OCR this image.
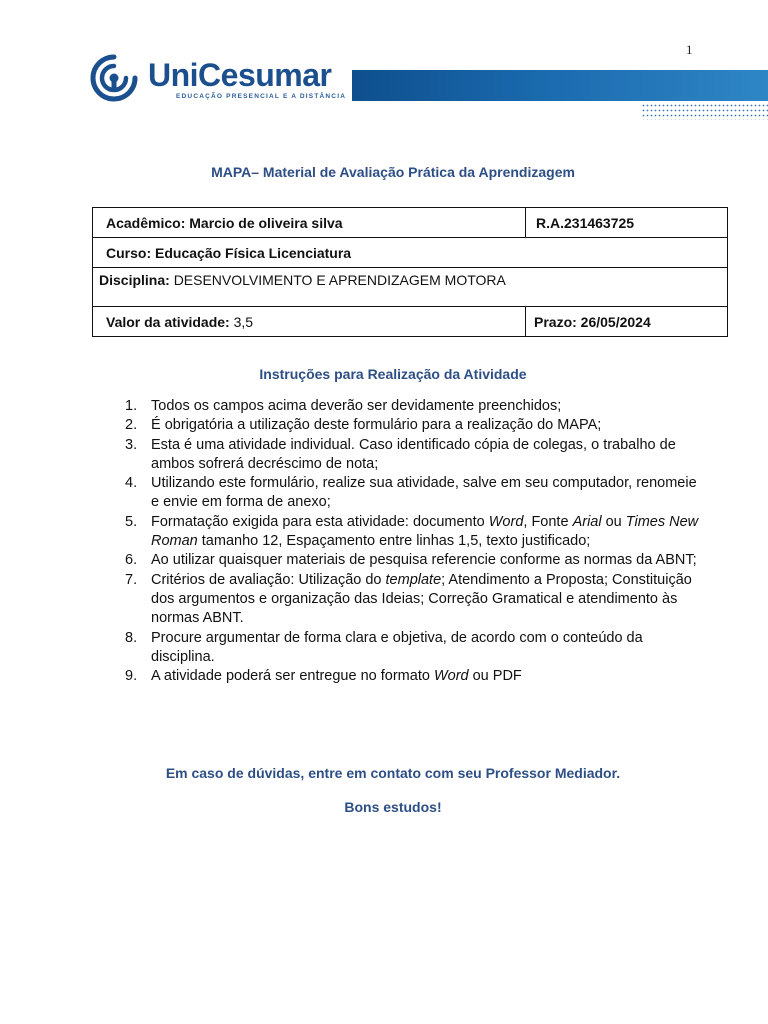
1
UniCesumar
EDUCAÇÃO PRESENCIAL E A DISTÂNCIA
MAPA– Material de Avaliação Prática da Aprendizagem
Acadêmico: Marcio de oliveira silva	R.A.231463725
Curso: Educação Física Licenciatura	
Disciplina: DESENVOLVIMENTO E APRENDIZAGEM MOTORA	
Valor da atividade: 3,5	Prazo: 26/05/2024
Instruções para Realização da Atividade
1. Todos os campos acima deverão ser devidamente preenchidos;
2. É obrigatória a utilização deste formulário para a realização do MAPA;
3. Esta é uma atividade individual. Caso identificado cópia de colegas, o trabalho de ambos sofrerá decréscimo de nota;
4. Utilizando este formulário, realize sua atividade, salve em seu computador, renomeie e envie em forma de anexo;
5. Formatação exigida para esta atividade: documento Word, Fonte Arial ou Times New Roman tamanho 12, Espaçamento entre linhas 1,5, texto justificado;
6. Ao utilizar quaisquer materiais de pesquisa referencie conforme as normas da ABNT;
7. Critérios de avaliação: Utilização do template; Atendimento a Proposta; Constituição dos argumentos e organização das Ideias; Correção Gramatical e atendimento às normas ABNT.
8. Procure argumentar de forma clara e objetiva, de acordo com o conteúdo da disciplina.
9. A atividade poderá ser entregue no formato Word ou PDF
Em caso de dúvidas, entre em contato com seu Professor Mediador.
Bons estudos!
